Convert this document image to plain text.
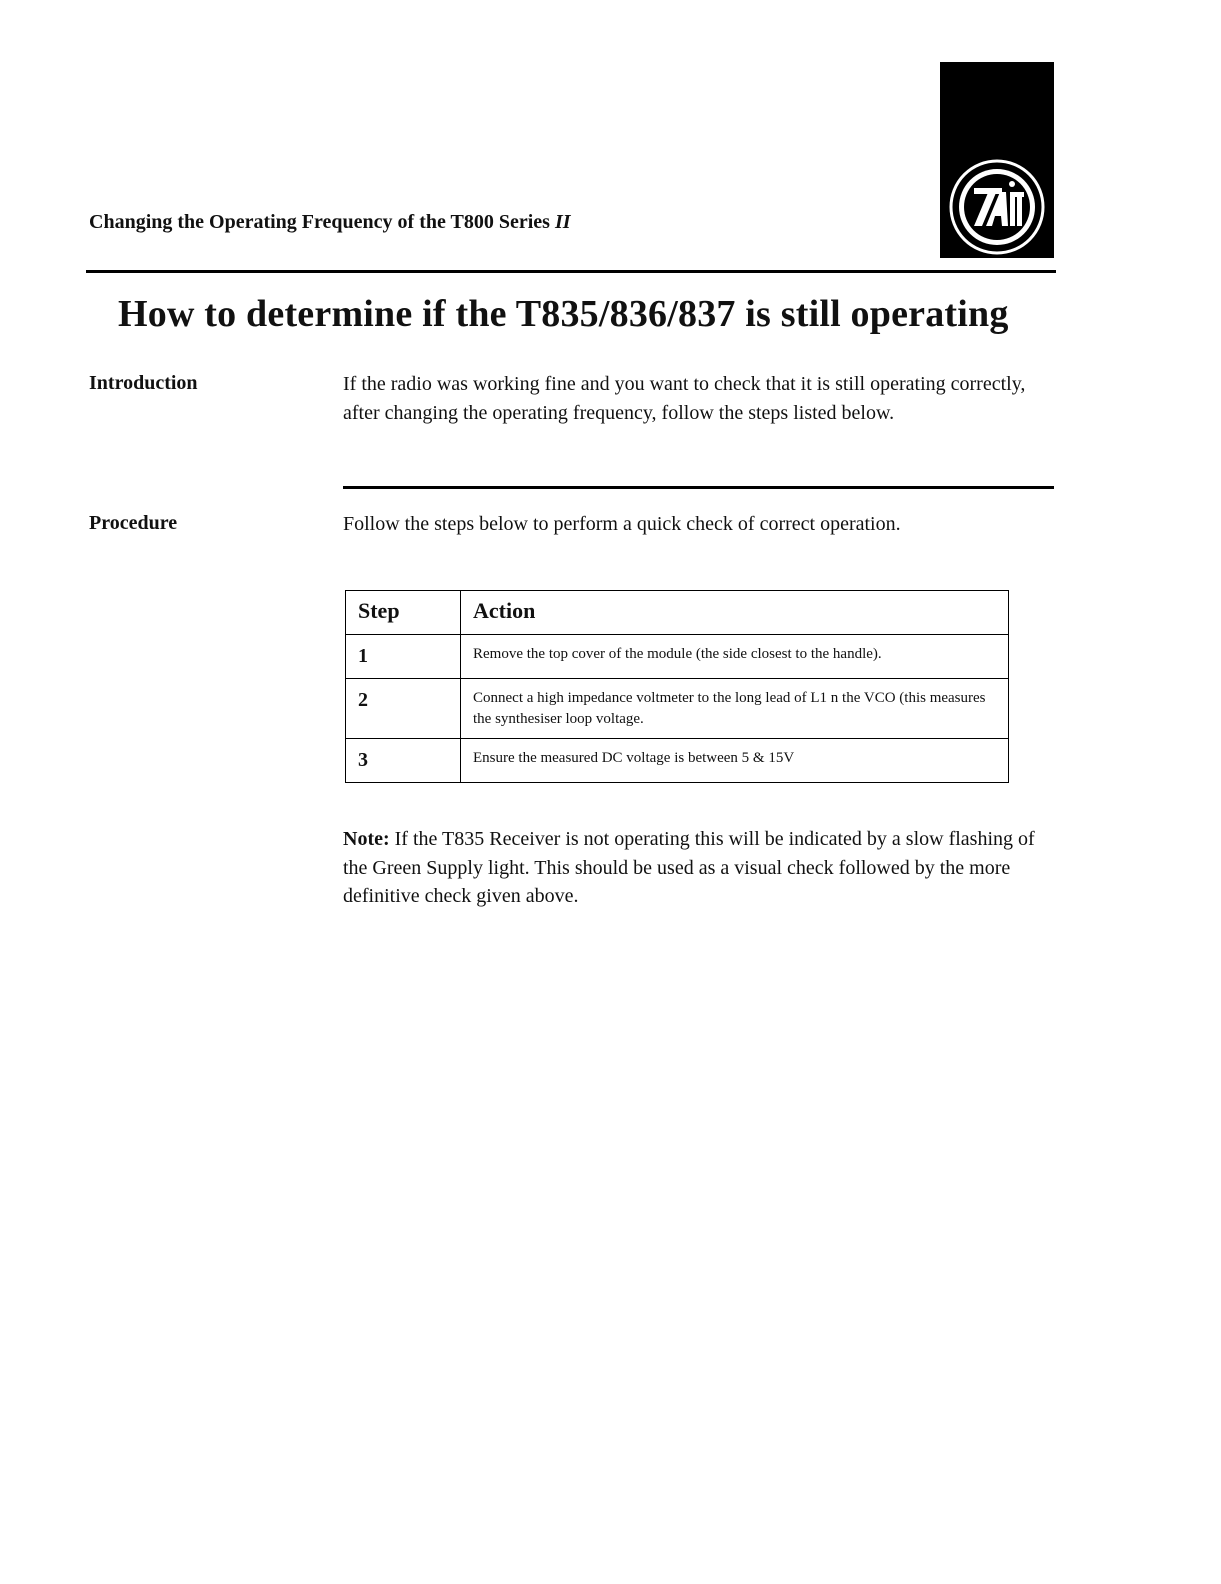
Changing the Operating Frequency of the T800 Series II
How to determine if the T835/836/837 is still operating
Introduction	If the radio was working fine and you want to check that it is still operating correctly, after changing the operating frequency, follow the steps listed below.
Procedure	Follow the steps below to perform a quick check of correct operation.
Step	Action
1	Remove the top cover of the module (the side closest to the handle).
2	Connect a high impedance voltmeter to the long lead of L1 n the VCO (this measures the synthesiser loop voltage.
3	Ensure the measured DC voltage is between 5 & 15V
Note: If the T835 Receiver is not operating this will be indicated by a slow flashing of the Green Supply light. This should be used as a visual check followed by the more definitive check given above.
